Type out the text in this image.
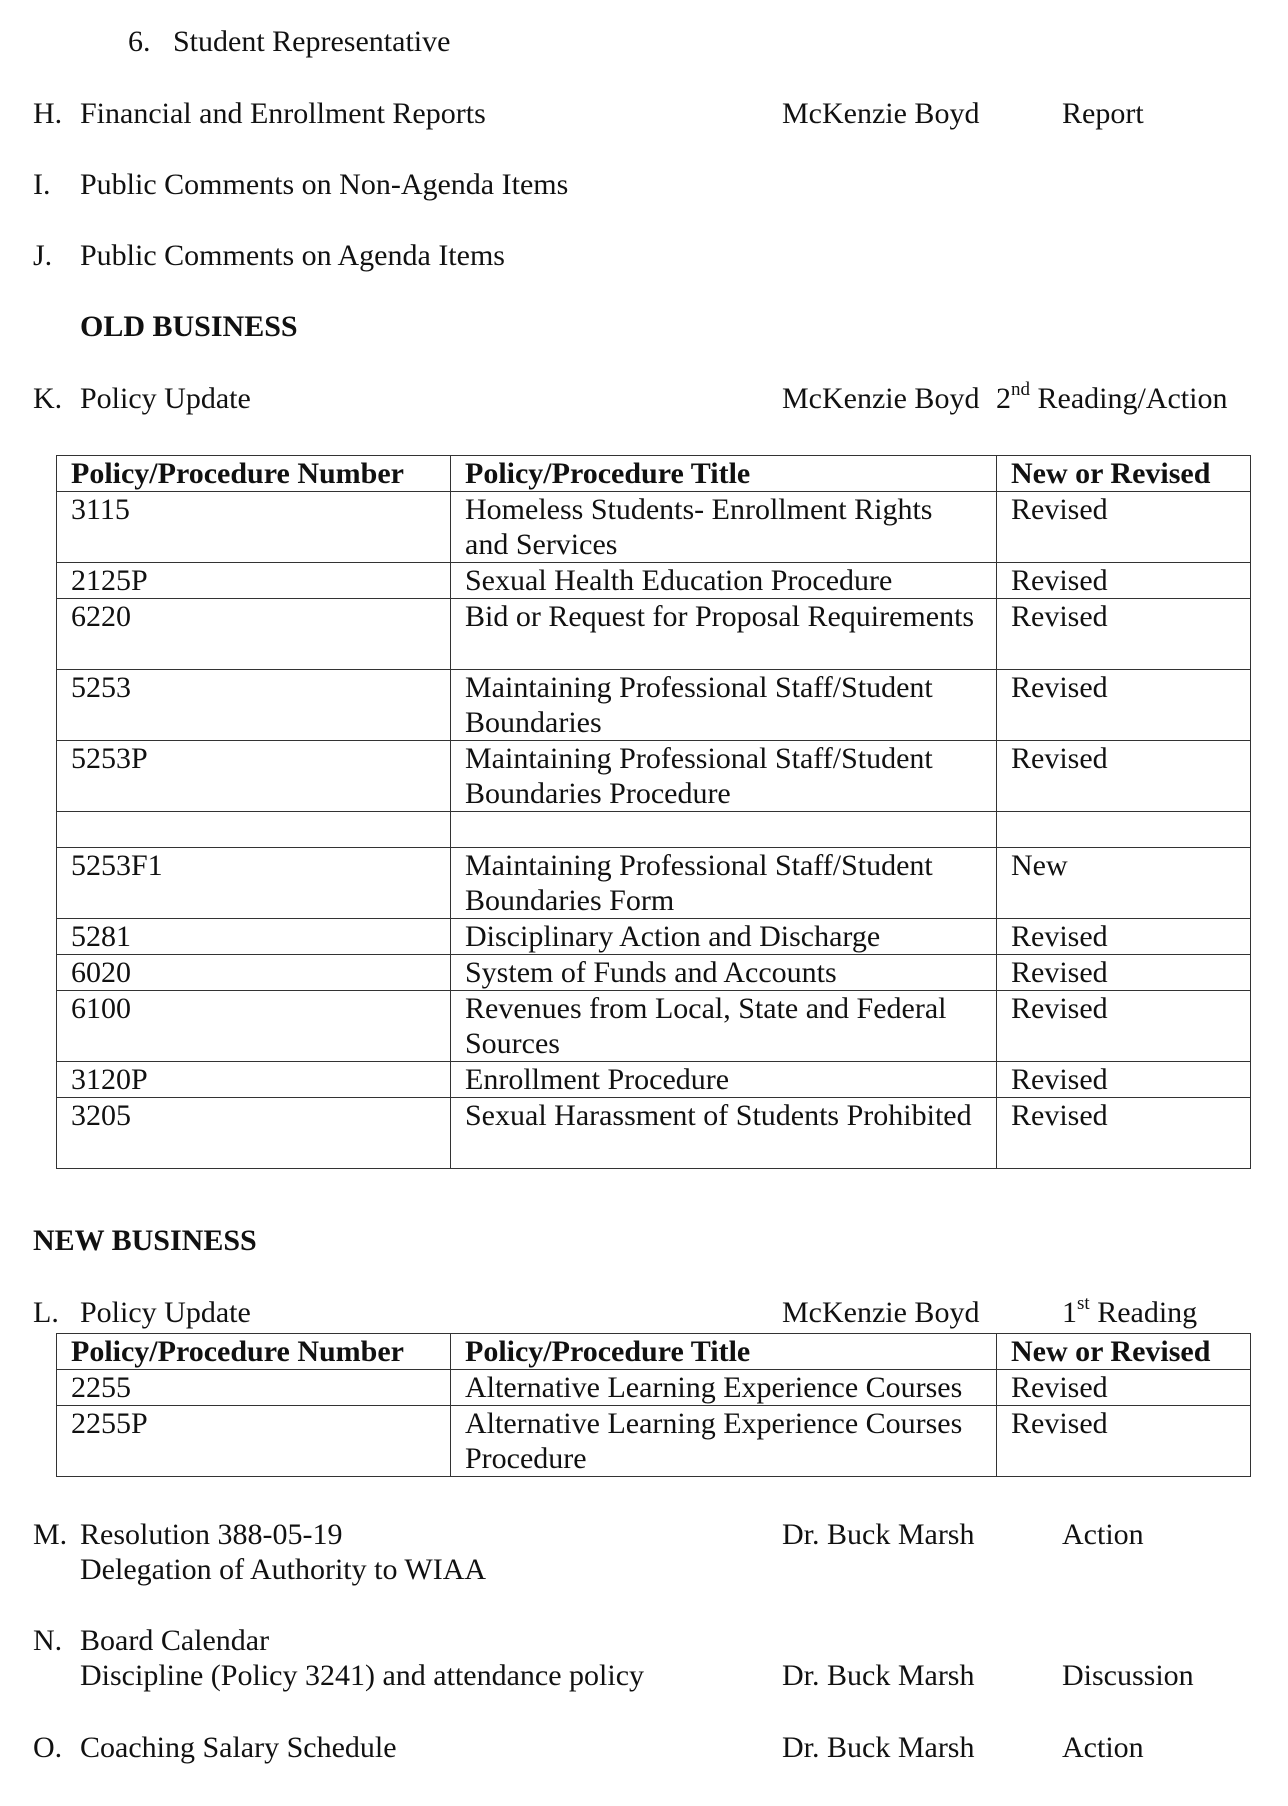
6. Student Representative
H. Financial and Enrollment Reports	McKenzie Boyd	Report
I. Public Comments on Non-Agenda Items
J. Public Comments on Agenda Items
OLD BUSINESS
K. Policy Update	McKenzie Boyd 2nd Reading/Action
Policy/Procedure Number	Policy/Procedure Title	New or Revised
3115	Homeless Students- Enrollment Rights and Services	Revised
2125P	Sexual Health Education Procedure	Revised
6220	Bid or Request for Proposal Requirements	Revised
5253	Maintaining Professional Staff/Student Boundaries	Revised
5253P	Maintaining Professional Staff/Student Boundaries Procedure	Revised

5253F1	Maintaining Professional Staff/Student Boundaries Form	New
5281	Disciplinary Action and Discharge	Revised
6020	System of Funds and Accounts	Revised
6100	Revenues from Local, State and Federal Sources	Revised
3120P	Enrollment Procedure	Revised
3205	Sexual Harassment of Students Prohibited	Revised
NEW BUSINESS
L. Policy Update	McKenzie Boyd	1st Reading
Policy/Procedure Number	Policy/Procedure Title	New or Revised
2255	Alternative Learning Experience Courses	Revised
2255P	Alternative Learning Experience Courses Procedure	Revised
M. Resolution 388-05-19	Dr. Buck Marsh	Action
Delegation of Authority to WIAA
N. Board Calendar
Discipline (Policy 3241) and attendance policy	Dr. Buck Marsh	Discussion
O. Coaching Salary Schedule	Dr. Buck Marsh	Action
